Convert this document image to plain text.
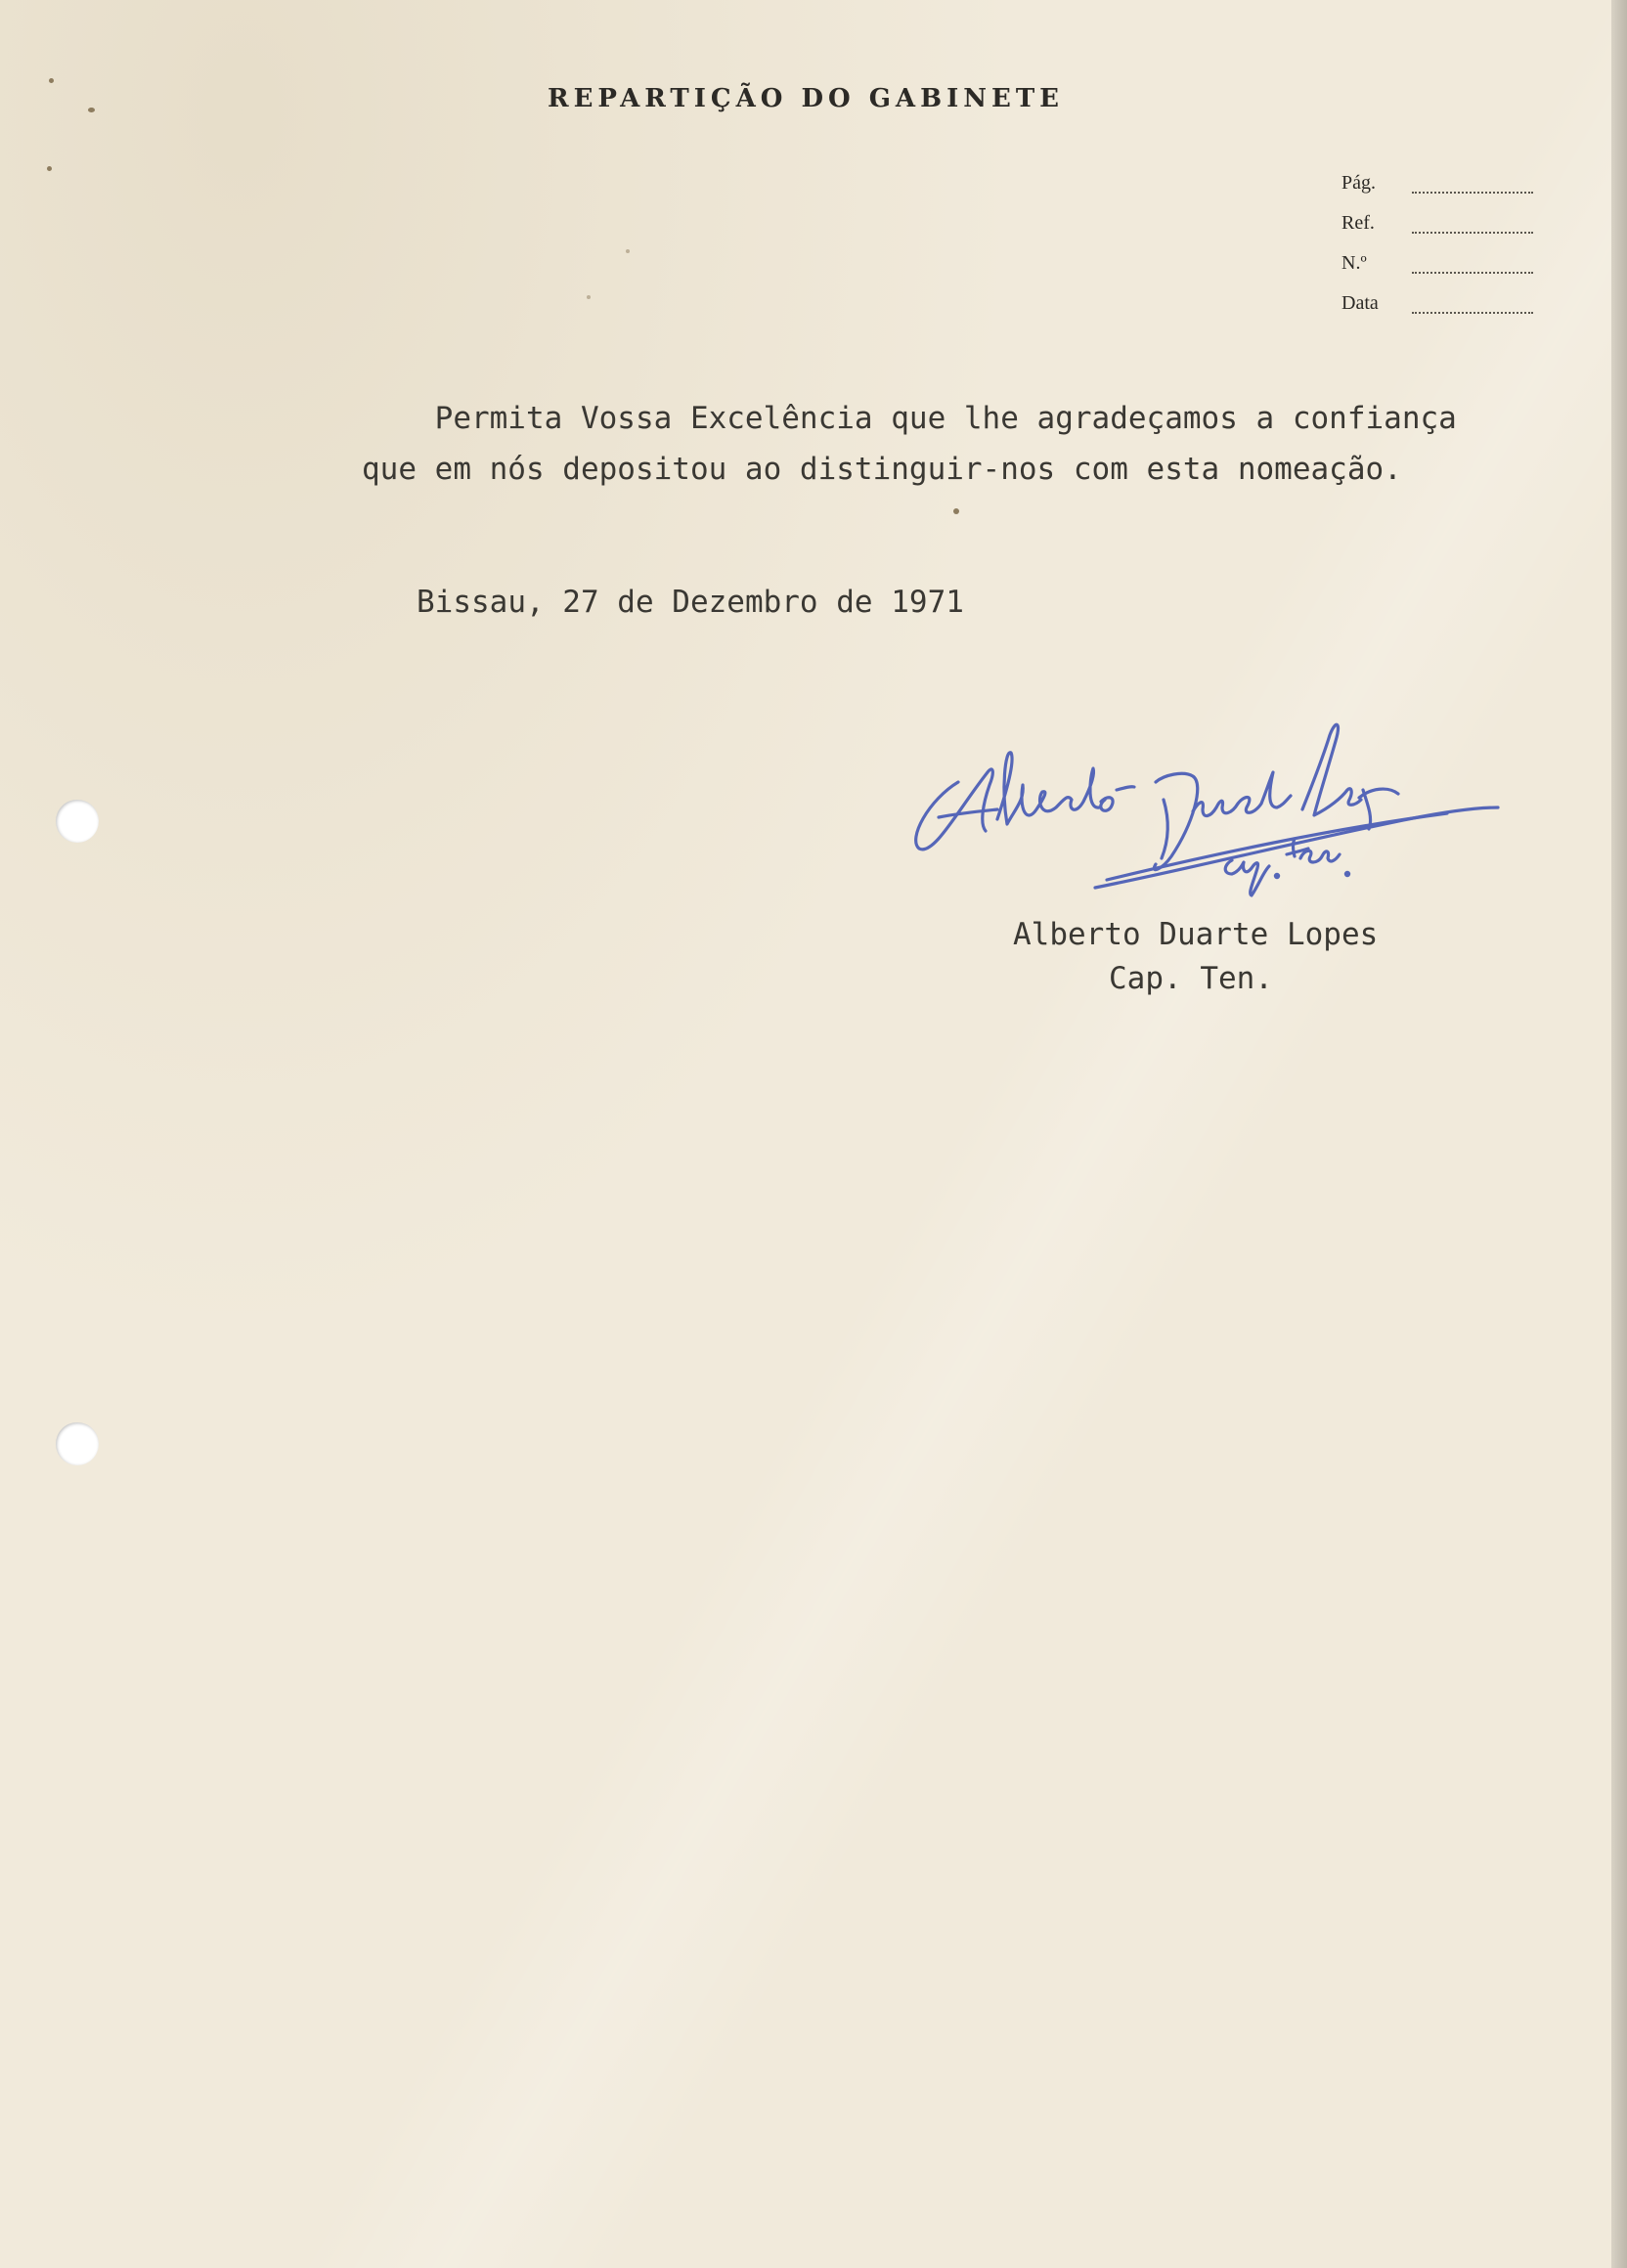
REPARTIÇÃO DO GABINETE
Pág.
Ref.
N.º
Data
Permita Vossa Excelência que lhe agradeçamos a confiança
que em nós depositou ao distinguir-nos com esta nomeação.
Bissau, 27 de Dezembro de 1971
Alberto Duarte Lopes
Cap. Ten.
